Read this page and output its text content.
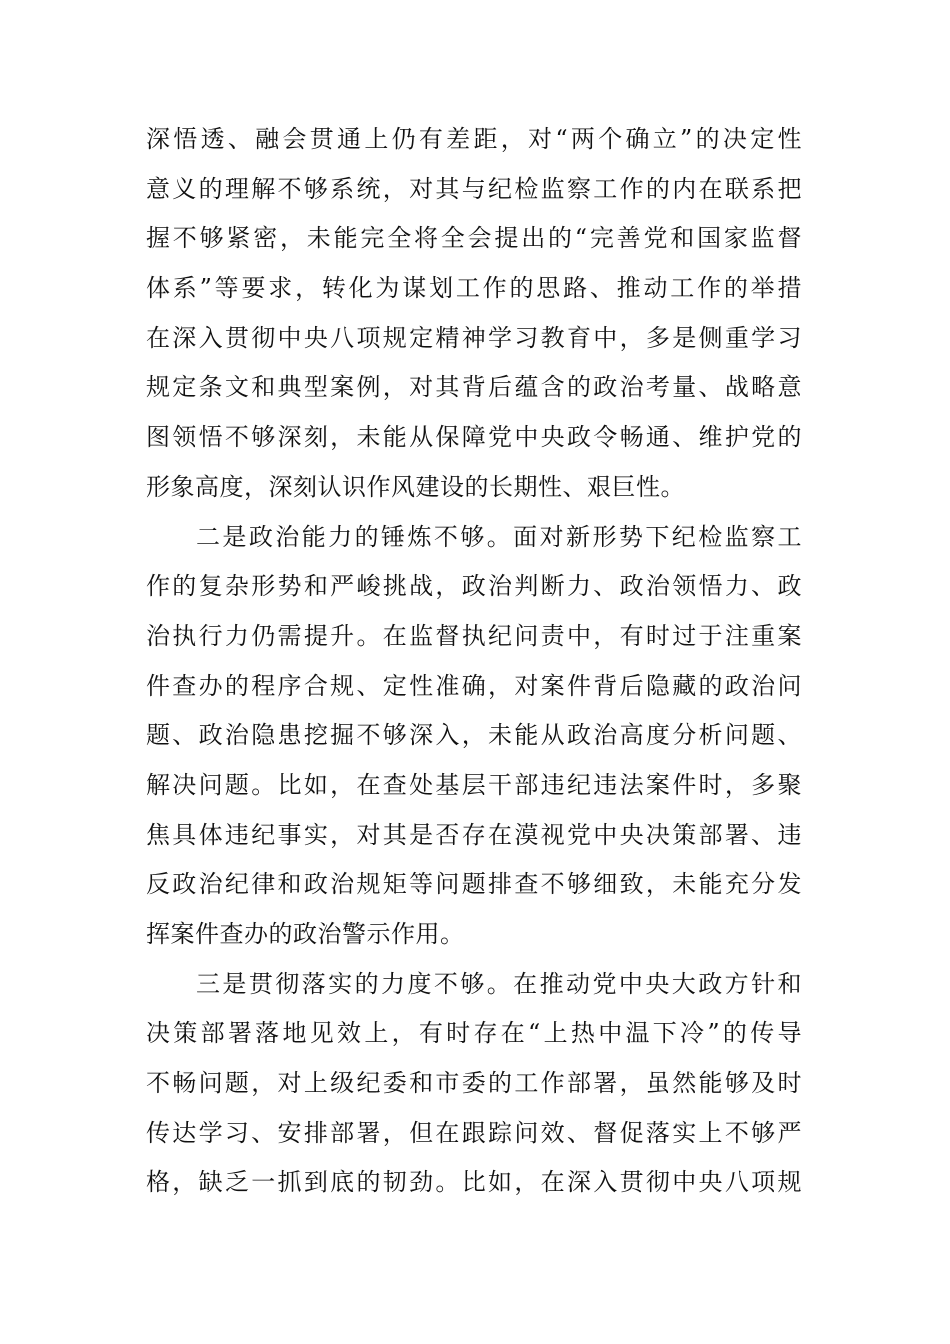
深悟透、融会贯通上仍有差距，对“两个确立”的决定性
意义的理解不够系统，对其与纪检监察工作的内在联系把
握不够紧密，未能完全将全会提出的“完善党和国家监督
体系”等要求，转化为谋划工作的思路、推动工作的举措
在深入贯彻中央八项规定精神学习教育中，多是侧重学习
规定条文和典型案例，对其背后蕴含的政治考量、战略意
图领悟不够深刻，未能从保障党中央政令畅通、维护党的
形象高度，深刻认识作风建设的长期性、艰巨性。
二是政治能力的锤炼不够。面对新形势下纪检监察工
作的复杂形势和严峻挑战，政治判断力、政治领悟力、政
治执行力仍需提升。在监督执纪问责中，有时过于注重案
件查办的程序合规、定性准确，对案件背后隐藏的政治问
题、政治隐患挖掘不够深入，未能从政治高度分析问题、
解决问题。比如，在查处基层干部违纪违法案件时，多聚
焦具体违纪事实，对其是否存在漠视党中央决策部署、违
反政治纪律和政治规矩等问题排查不够细致，未能充分发
挥案件查办的政治警示作用。
三是贯彻落实的力度不够。在推动党中央大政方针和
决策部署落地见效上，有时存在“上热中温下冷”的传导
不畅问题，对上级纪委和市委的工作部署，虽然能够及时
传达学习、安排部署，但在跟踪问效、督促落实上不够严
格，缺乏一抓到底的韧劲。比如，在深入贯彻中央八项规
